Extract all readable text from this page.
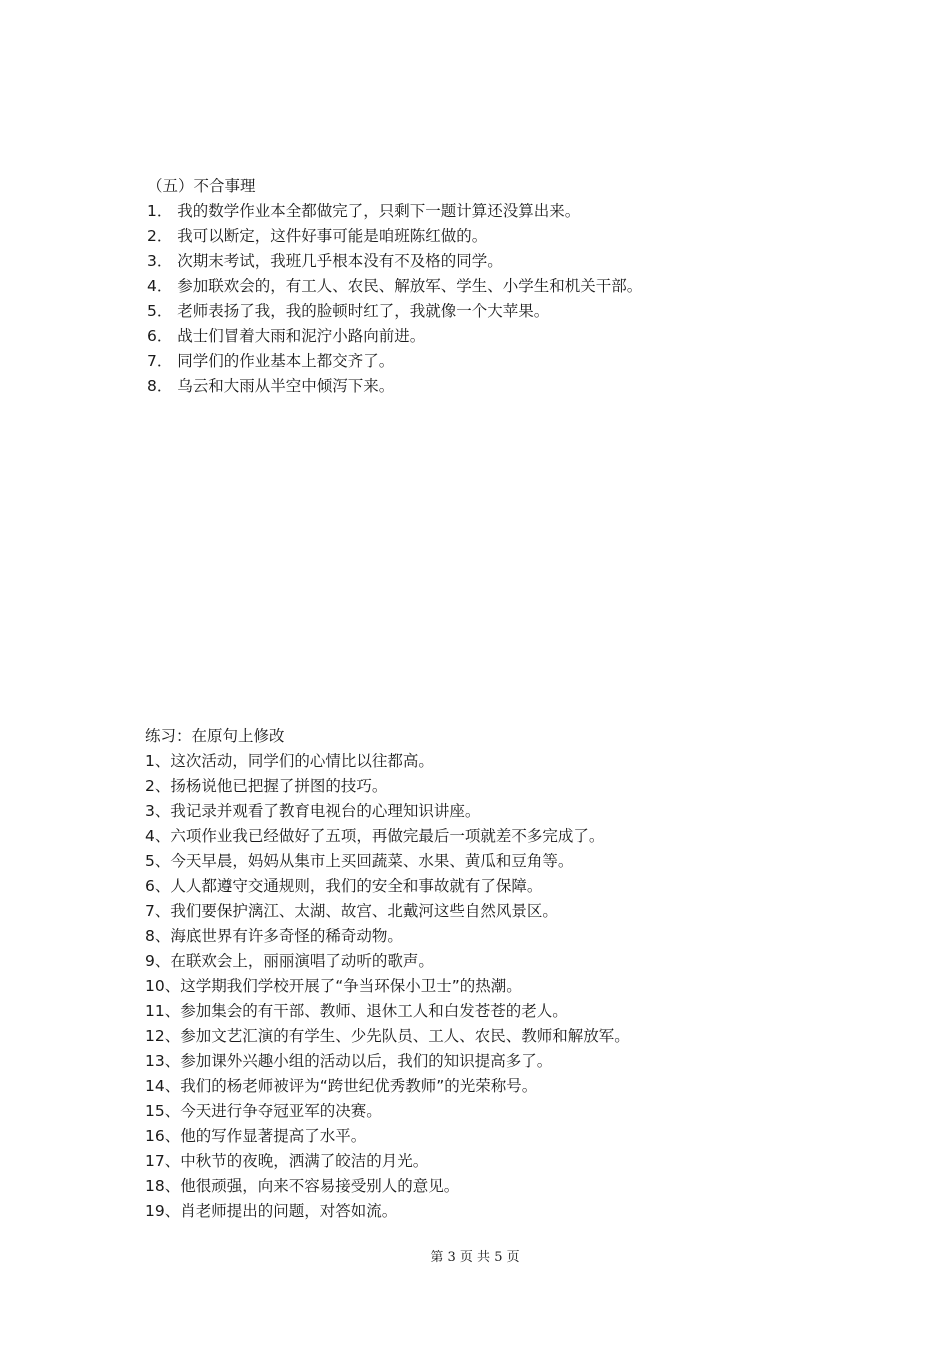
（五）不合事理
1． 我的数学作业本全都做完了，只剩下一题计算还没算出来。
2． 我可以断定，这件好事可能是咱班陈红做的。
3． 次期末考试，我班几乎根本没有不及格的同学。
4． 参加联欢会的，有工人、农民、解放军、学生、小学生和机关干部。
5． 老师表扬了我，我的脸顿时红了，我就像一个大苹果。
6． 战士们冒着大雨和泥泞小路向前进。
7． 同学们的作业基本上都交齐了。
8． 乌云和大雨从半空中倾泻下来。
练习：在原句上修改
1、这次活动，同学们的心情比以往都高。
2、扬杨说他已把握了拼图的技巧。
3、我记录并观看了教育电视台的心理知识讲座。
4、六项作业我已经做好了五项，再做完最后一项就差不多完成了。
5、今天早晨，妈妈从集市上买回蔬菜、水果、黄瓜和豆角等。
6、人人都遵守交通规则，我们的安全和事故就有了保障。
7、我们要保护漓江、太湖、故宫、北戴河这些自然风景区。
8、海底世界有许多奇怪的稀奇动物。
9、在联欢会上，丽丽演唱了动听的歌声。
10、这学期我们学校开展了“争当环保小卫士”的热潮。
11、参加集会的有干部、教师、退休工人和白发苍苍的老人。
12、参加文艺汇演的有学生、少先队员、工人、农民、教师和解放军。
13、参加课外兴趣小组的活动以后，我们的知识提高多了。
14、我们的杨老师被评为“跨世纪优秀教师”的光荣称号。
15、今天进行争夺冠亚军的决赛。
16、他的写作显著提高了水平。
17、中秋节的夜晚，洒满了皎洁的月光。
18、他很顽强，向来不容易接受别人的意见。
19、肖老师提出的问题，对答如流。
第 3 页 共 5 页
